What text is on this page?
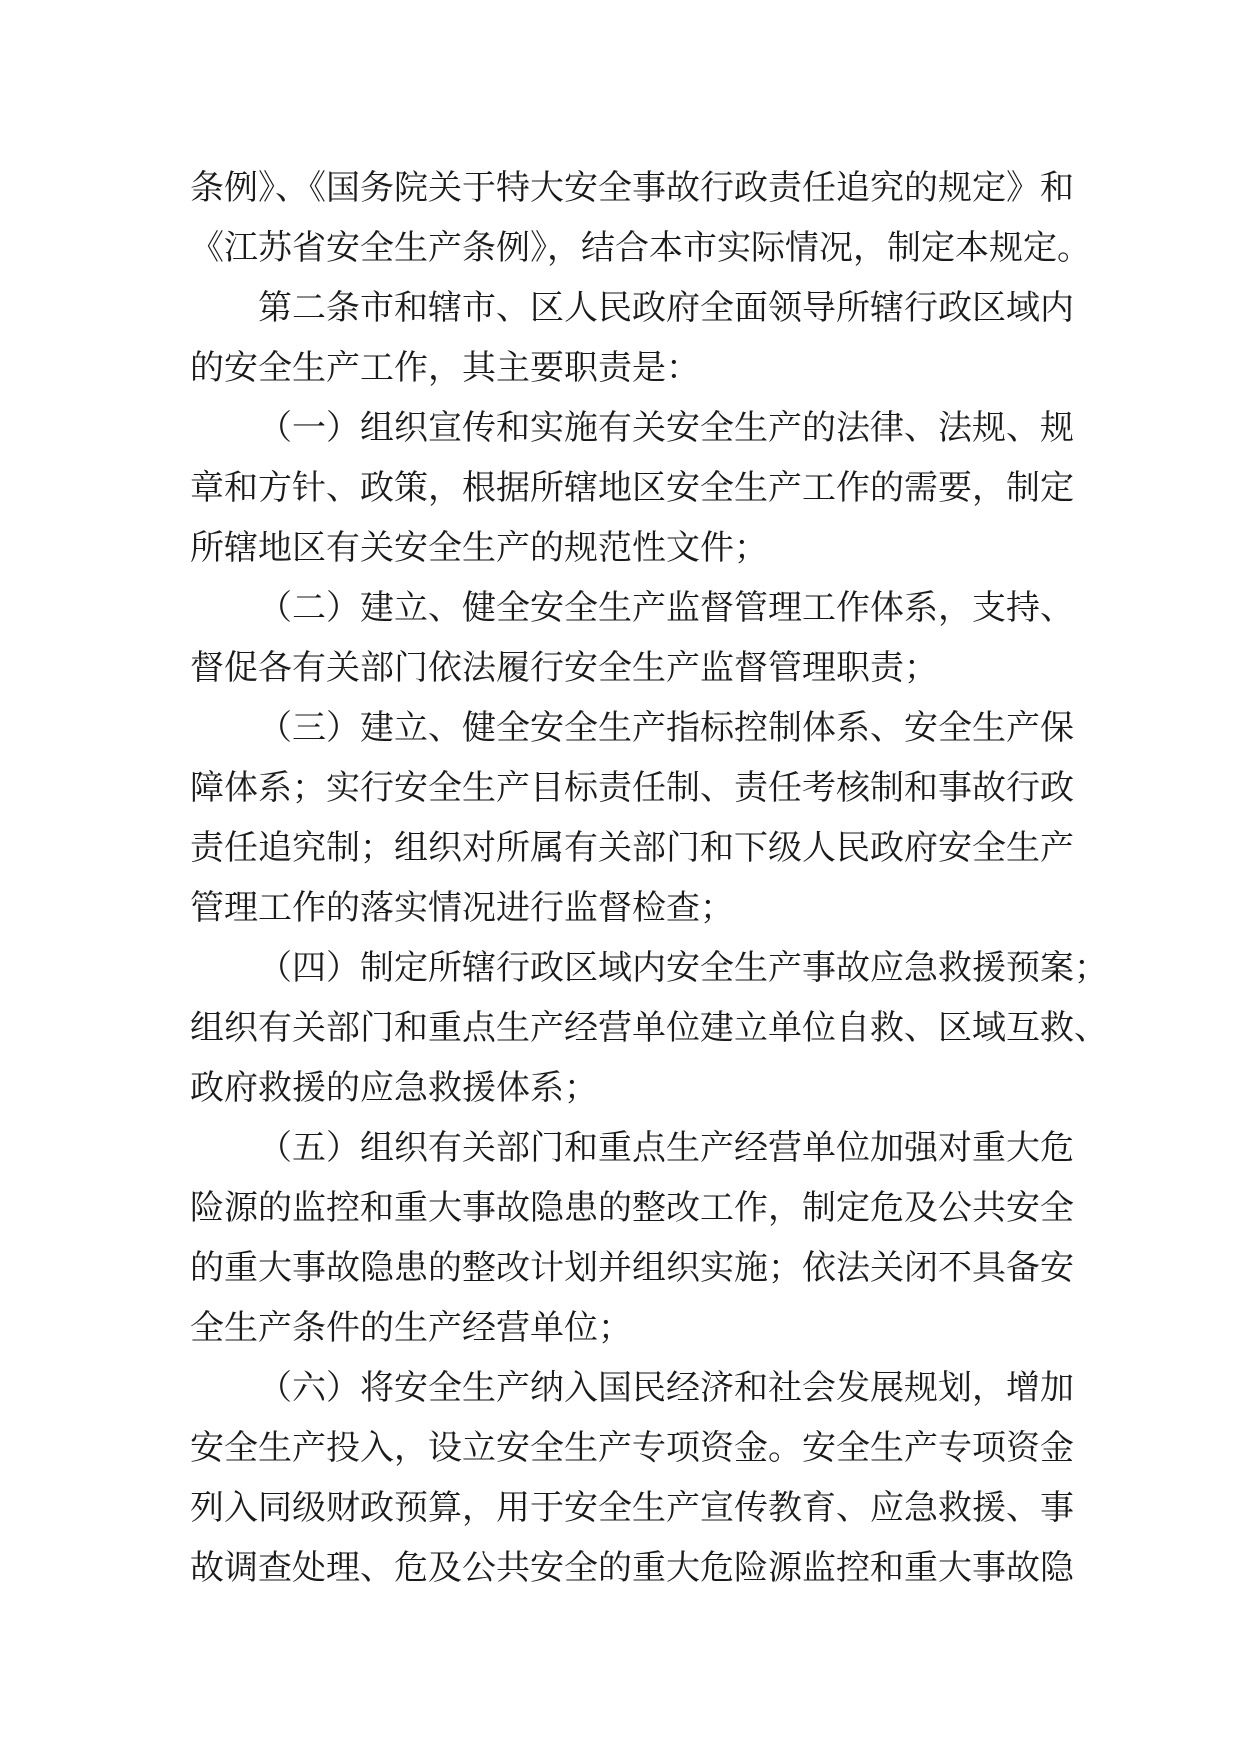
条例》、《国务院关于特大安全事故行政责任追究的规定》和
《江苏省安全生产条例》，结合本市实际情况，制定本规定。
第二条市和辖市、区人民政府全面领导所辖行政区域内
的安全生产工作，其主要职责是：
（一）组织宣传和实施有关安全生产的法律、法规、规
章和方针、政策，根据所辖地区安全生产工作的需要，制定
所辖地区有关安全生产的规范性文件；
（二）建立、健全安全生产监督管理工作体系，支持、
督促各有关部门依法履行安全生产监督管理职责；
（三）建立、健全安全生产指标控制体系、安全生产保
障体系；实行安全生产目标责任制、责任考核制和事故行政
责任追究制；组织对所属有关部门和下级人民政府安全生产
管理工作的落实情况进行监督检查；
（四）制定所辖行政区域内安全生产事故应急救援预案；
组织有关部门和重点生产经营单位建立单位自救、区域互救、
政府救援的应急救援体系；
（五）组织有关部门和重点生产经营单位加强对重大危
险源的监控和重大事故隐患的整改工作，制定危及公共安全
的重大事故隐患的整改计划并组织实施；依法关闭不具备安
全生产条件的生产经营单位；
（六）将安全生产纳入国民经济和社会发展规划，增加
安全生产投入，设立安全生产专项资金。安全生产专项资金
列入同级财政预算，用于安全生产宣传教育、应急救援、事
故调查处理、危及公共安全的重大危险源监控和重大事故隐
